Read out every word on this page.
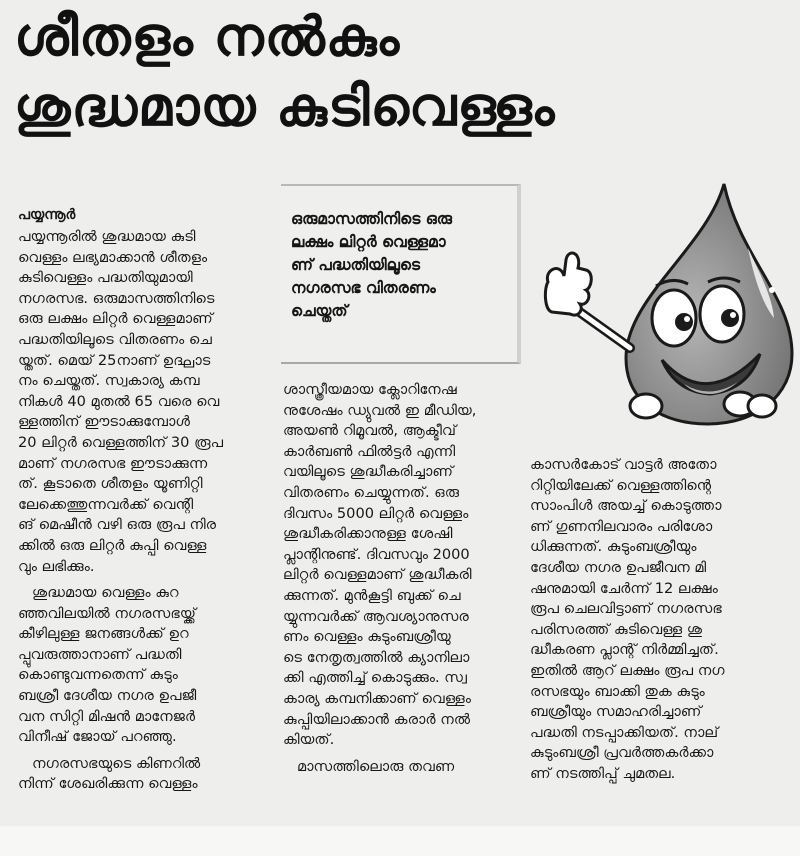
ശീതളം നൽകും
ശുദ്ധമായ കുടിവെള്ളം

പയ്യന്നൂർ

പയ്യന്നൂരിൽ ശുദ്ധമായ കുടി
വെള്ളം ലഭ്യമാക്കാൻ ശീതളം
കുടിവെള്ളം പദ്ധതിയുമായി
നഗരസഭ. ഒരുമാസത്തിനിടെ
ഒരു ലക്ഷം ലിറ്റർ വെള്ളമാണ്
പദ്ധതിയിലൂടെ വിതരണം ചെ
യ്തത്. മെയ് 25നാണ് ഉദ്ഘാട
നം ചെയ്തത്. സ്വകാര്യ കമ്പ
നികൾ 40 മുതൽ 65 വരെ വെ
ള്ളത്തിന് ഈടാക്കുമ്പോൾ
20 ലിറ്റർ വെള്ളത്തിന് 30 രൂപ
മാണ് നഗരസഭ ഈടാക്കുന്ന
ത്. കൂടാതെ ശീതളം യൂണിറ്റി
ലേക്കെത്തുന്നവർക്ക് വെന്റി
ങ് മെഷീൻ വഴി ഒരു രൂപ നിര
ക്കിൽ ഒരു ലിറ്റർ കുപ്പി വെള്ള
വും ലഭിക്കും.

ശുദ്ധമായ വെള്ളം കുറ
ഞ്ഞവിലയിൽ നഗരസഭയ്ക്ക്
കീഴിലുള്ള ജനങ്ങൾക്ക് ഉറ
പ്പുവരുത്താനാണ് പദ്ധതി
കൊണ്ടുവന്നതെന്ന് കുടും
ബശ്രീ ദേശീയ നഗര ഉപജീ
വന സിറ്റി മിഷൻ മാനേജർ
വിനീഷ് ജോയ് പറഞ്ഞു.

നഗരസഭയുടെ കിണറിൽ
നിന്ന് ശേഖരിക്കുന്ന വെള്ളം

ഒരുമാസത്തിനിടെ ഒരു
ലക്ഷം ലിറ്റർ വെള്ളമാ
ണ് പദ്ധതിയിലൂടെ
നഗരസഭ വിതരണം
ചെയ്തത്

ശാസ്ത്രീയമായ ക്ലോറിനേഷ
നുശേഷം ഡ്യുവൽ ഇ മീഡിയ,
അയൺ റിമൂവൽ, ആക്ടീവ്
കാർബൺ ഫിൽട്ടർ എന്നി
വയിലൂടെ ശുദ്ധീകരിച്ചാണ്
വിതരണം ചെയ്യുന്നത്. ഒരു
ദിവസം 5000 ലിറ്റർ വെള്ളം
ശുദ്ധീകരിക്കാനുള്ള ശേഷി
പ്ലാന്റിനുണ്ട്. ദിവസവും 2000
ലിറ്റർ വെള്ളമാണ് ശുദ്ധീകരി
ക്കുന്നത്. മുൻകൂട്ടി ബുക്ക് ചെ
യ്യുന്നവർക്ക് ആവശ്യാനുസര
ണം വെള്ളം കുടുംബശ്രീയു
ടെ നേതൃത്വത്തിൽ ക്യാനിലാ
ക്കി എത്തിച്ച് കൊടുക്കും. സ്വ
കാര്യ കമ്പനിക്കാണ് വെള്ളം
കുപ്പിയിലാക്കാൻ കരാർ നൽ
കിയത്.

മാസത്തിലൊരു തവണ

കാസർകോട് വാട്ടർ അതോ
റിറ്റിയിലേക്ക് വെള്ളത്തിന്റെ
സാംപിൾ അയച്ച് കൊടുത്താ
ണ് ഗുണനിലവാരം പരിശോ
ധിക്കുന്നത്. കുടുംബശ്രീയും
ദേശീയ നഗര ഉപജീവന മി
ഷനുമായി ചേർന്ന് 12 ലക്ഷം
രൂപ ചെലവിട്ടാണ് നഗരസഭ
പരിസരത്ത് കുടിവെള്ള ശു
ദ്ധീകരണ പ്ലാന്റ് നിർമ്മിച്ചത്.
ഇതിൽ ആറ് ലക്ഷം രൂപ നഗ
രസഭയും ബാക്കി തുക കുടും
ബശ്രീയും സമാഹരിച്ചാണ്
പദ്ധതി നടപ്പാക്കിയത്. നാല്
കുടുംബശ്രീ പ്രവർത്തകർക്കാ
ണ് നടത്തിപ്പ് ചുമതല.
